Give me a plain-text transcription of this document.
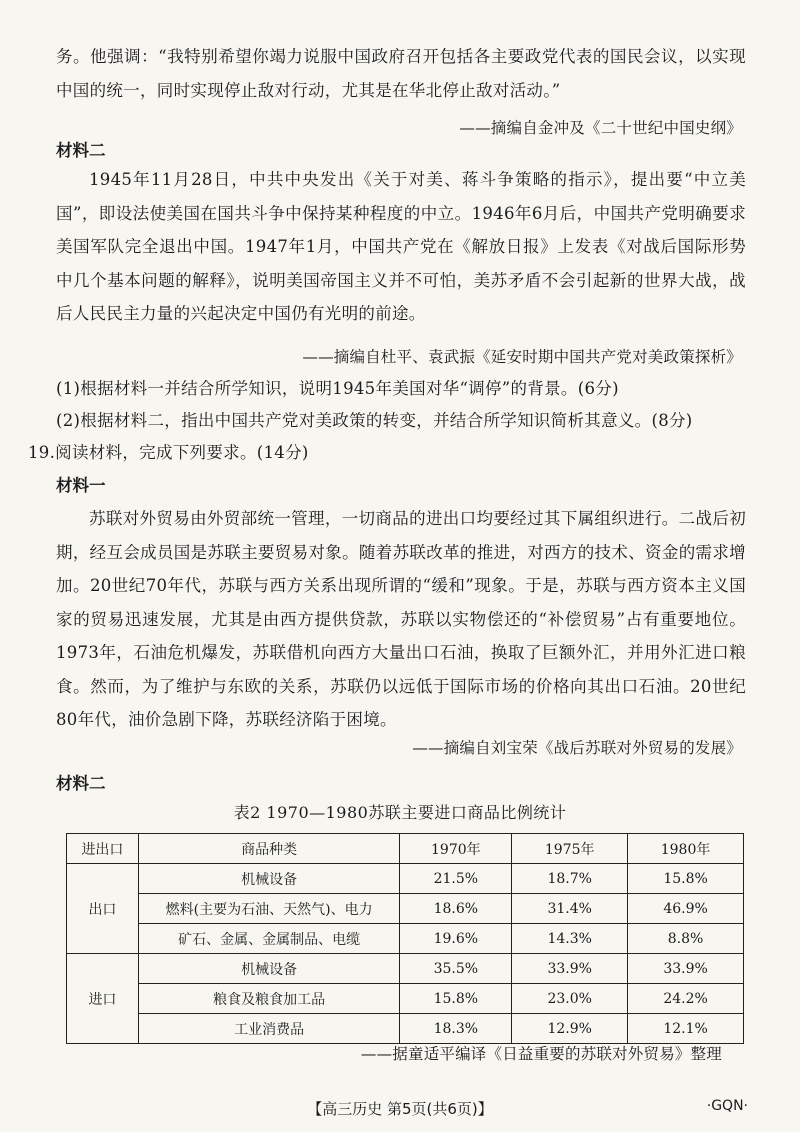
务。他强调：“我特别希望你竭力说服中国政府召开包括各主要政党代表的国民会议，以实现中国的统一，同时实现停止敌对行动，尤其是在华北停止敌对活动。”
——摘编自金冲及《二十世纪中国史纲》
材料二
1945年11月28日，中共中央发出《关于对美、蒋斗争策略的指示》，提出要“中立美国”，即设法使美国在国共斗争中保持某种程度的中立。1946年6月后，中国共产党明确要求美国军队完全退出中国。1947年1月，中国共产党在《解放日报》上发表《对战后国际形势中几个基本问题的解释》，说明美国帝国主义并不可怕，美苏矛盾不会引起新的世界大战，战后人民民主力量的兴起决定中国仍有光明的前途。
——摘编自杜平、袁武振《延安时期中国共产党对美政策探析》
(1)根据材料一并结合所学知识，说明1945年美国对华“调停”的背景。(6分)
(2)根据材料二，指出中国共产党对美政策的转变，并结合所学知识简析其意义。(8分)
19.阅读材料，完成下列要求。(14分)
材料一
苏联对外贸易由外贸部统一管理，一切商品的进出口均要经过其下属组织进行。二战后初期，经互会成员国是苏联主要贸易对象。随着苏联改革的推进，对西方的技术、资金的需求增加。20世纪70年代，苏联与西方关系出现所谓的“缓和”现象。于是，苏联与西方资本主义国家的贸易迅速发展，尤其是由西方提供贷款，苏联以实物偿还的“补偿贸易”占有重要地位。1973年，石油危机爆发，苏联借机向西方大量出口石油，换取了巨额外汇，并用外汇进口粮食。然而，为了维护与东欧的关系，苏联仍以远低于国际市场的价格向其出口石油。20世纪80年代，油价急剧下降，苏联经济陷于困境。
——摘编自刘宝荣《战后苏联对外贸易的发展》
材料二
表2 1970—1980苏联主要进口商品比例统计
进出口	商品种类	1970年	1975年	1980年
出口	机械设备	21.5%	18.7%	15.8%
	燃料(主要为石油、天然气)、电力	18.6%	31.4%	46.9%
	矿石、金属、金属制品、电缆	19.6%	14.3%	8.8%
进口	机械设备	35.5%	33.9%	33.9%
	粮食及粮食加工品	15.8%	23.0%	24.2%
	工业消费品	18.3%	12.9%	12.1%
——据童适平编译《日益重要的苏联对外贸易》整理
【高三历史 第5页(共6页)】	·GQN·
